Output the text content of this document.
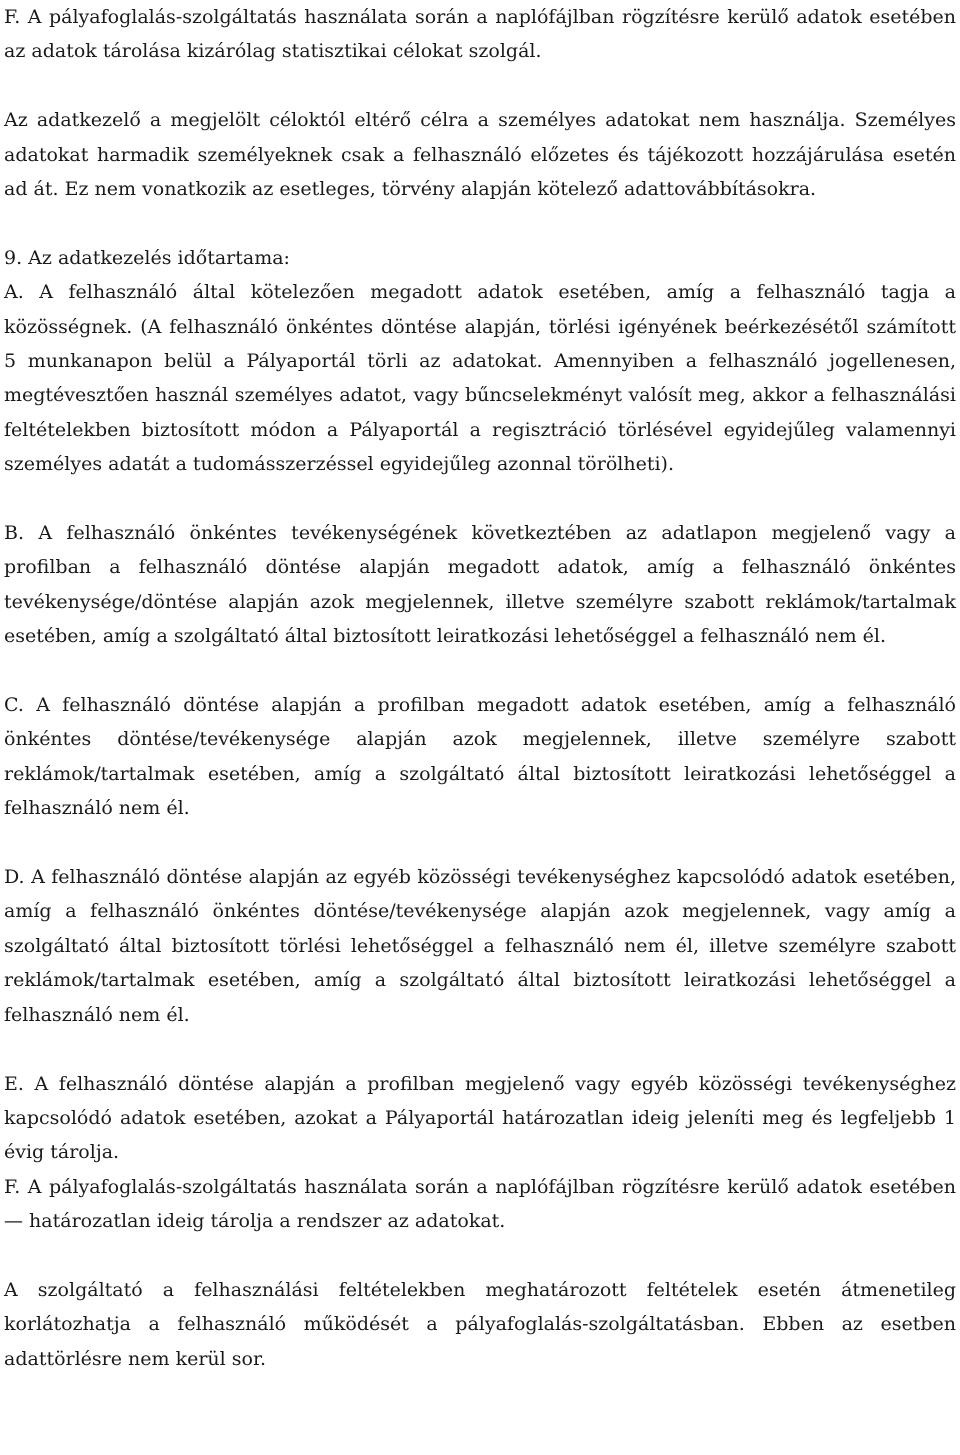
F. A pályafoglalás-szolgáltatás használata során a naplófájlban rögzítésre kerülő adatok esetében az adatok tárolása kizárólag statisztikai célokat szolgál.

Az adatkezelő a megjelölt céloktól eltérő célra a személyes adatokat nem használja. Személyes adatokat harmadik személyeknek csak a felhasználó előzetes és tájékozott hozzájárulása esetén ad át. Ez nem vonatkozik az esetleges, törvény alapján kötelező adattovábbításokra.

9. Az adatkezelés időtartama:

A. A felhasználó által kötelezően megadott adatok esetében, amíg a felhasználó tagja a közösségnek. (A felhasználó önkéntes döntése alapján, törlési igényének beérkezésétől számított 5 munkanapon belül a Pályaportál törli az adatokat. Amennyiben a felhasználó jogellenesen, megtévesztően használ személyes adatot, vagy bűncselekményt valósít meg, akkor a felhasználási feltételekben biztosított módon a Pályaportál a regisztráció törlésével egyidejűleg valamennyi személyes adatát a tudomásszerzéssel egyidejűleg azonnal törölheti).

B. A felhasználó önkéntes tevékenységének következtében az adatlapon megjelenő vagy a profilban a felhasználó döntése alapján megadott adatok, amíg a felhasználó önkéntes tevékenysége/döntése alapján azok megjelennek, illetve személyre szabott reklámok/tartalmak esetében, amíg a szolgáltató által biztosított leiratkozási lehetőséggel a felhasználó nem él.

C. A felhasználó döntése alapján a profilban megadott adatok esetében, amíg a felhasználó önkéntes döntése/tevékenysége alapján azok megjelennek, illetve személyre szabott reklámok/tartalmak esetében, amíg a szolgáltató által biztosított leiratkozási lehetőséggel a felhasználó nem él.

D. A felhasználó döntése alapján az egyéb közösségi tevékenységhez kapcsolódó adatok esetében, amíg a felhasználó önkéntes döntése/tevékenysége alapján azok megjelennek, vagy amíg a szolgáltató által biztosított törlési lehetőséggel a felhasználó nem él, illetve személyre szabott reklámok/tartalmak esetében, amíg a szolgáltató által biztosított leiratkozási lehetőséggel a felhasználó nem él.

E. A felhasználó döntése alapján a profilban megjelenő vagy egyéb közösségi tevékenységhez kapcsolódó adatok esetében, azokat a Pályaportál határozatlan ideig jeleníti meg és legfeljebb 1 évig tárolja.

F. A pályafoglalás-szolgáltatás használata során a naplófájlban rögzítésre kerülő adatok esetében— határozatlan ideig tárolja a rendszer az adatokat.

A szolgáltató a felhasználási feltételekben meghatározott feltételek esetén átmenetileg korlátozhatja a felhasználó működését a pályafoglalás-szolgáltatásban. Ebben az esetben adattörlésre nem kerül sor.
